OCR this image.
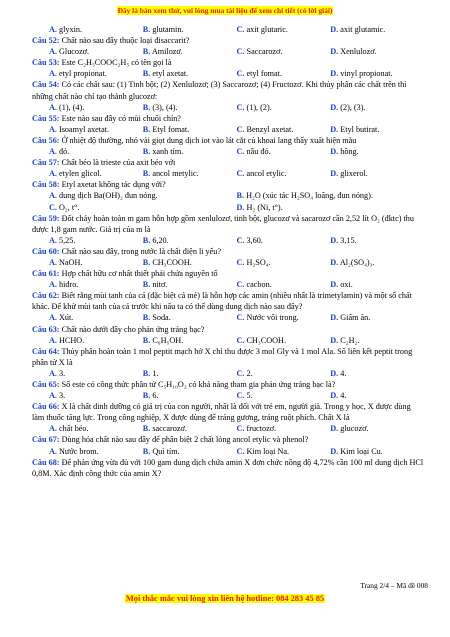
Đây là bản xem thử, vui lòng mua tài liệu để xem chi tiết (có lời giải)
A. glyxin.	B. glutamin.	C. axit glutaric.	D. axit glutamic.

Câu 52: Chất nào sau đây thuộc loại đisaccarit?

A. Glucozơ.	B. Amilozơ.	C. Saccarozơ.	D. Xenlulozơ.

Câu 53: Este C₂H₅COOC₂H₅ có tên gọi là

A. etyl propionat.	B. etyl axetat.	C. etyl fomat.	D. vinyl propionat.

Câu 54: Có các chất sau: (1) Tinh bột; (2) Xenlulozơ; (3) Saccarozơ; (4) Fructozơ. Khi thủy phân các chất trên thì những chất nào chỉ tạo thành glucozơ:

A. (1), (4).	B. (3), (4).	C. (1), (2).	D. (2), (3).

Câu 55: Este nào sau đây có mùi chuối chín?

A. Isoamyl axetat.	B. Etyl fomat.	C. Benzyl axetat.	D. Etyl butirat.

Câu 56: Ở nhiệt độ thường, nhỏ vài giọt dung dịch iot vào lát cắt củ khoai lang thấy xuất hiện màu

A. đỏ.	B. xanh tím.	C. nâu đỏ.	D. hồng.

Câu 57: Chất béo là trieste của axit béo với

A. etylen glicol.	B. ancol metylic.	C. ancol etylic.	D. glixerol.

Câu 58: Etyl axetat không tác dụng với?

A. dung dịch Ba(OH)₂ đun nóng.	B. H₂O (xúc tác H₂SO₄ loãng, đun nóng).
C. O₂, t°.	D. H₂ (Ni, t°).

Câu 59: Đốt cháy hoàn toàn m gam hỗn hợp gồm xenlulozơ, tinh bột, glucozơ và sacarozơ cần 2,52 lít O₂ (đktc) thu được 1,8 gam nước. Giá trị của m là

A. 5,25.	B. 6,20.	C. 3,60.	D. 3,15.

Câu 60: Chất nào sau đây, trong nước là chất điện li yếu?

A. NaOH.	B. CH₃COOH.	C. H₂SO₄.	D. Al₂(SO₄)₃.

Câu 61: Hợp chất hữu cơ nhất thiết phải chứa nguyên tố

A. hiđro.	B. nitơ.	C. cacbon.	D. oxi.

Câu 62: Biết rằng mùi tanh của cá (đặc biệt cá mè) là hỗn hợp các amin (nhiều nhất là trimetylamin) và một số chất khác. Để khử mùi tanh của cá trước khi nấu ta có thể dùng dung dịch nào sau đây?

A. Xút.	B. Soda.	C. Nước vôi trong.	D. Giấm ăn.

Câu 63: Chất nào dưới đây cho phản ứng tráng bạc?

A. HCHO.	B. C₆H₅OH.	C. CH₃COOH.	D. C₂H₂.

Câu 64: Thủy phân hoàn toàn 1 mol peptit mạch hở X chỉ thu được 3 mol Gly và 1 mol Ala. Số liên kết peptit trong phân tử X là

A. 3.	B. 1.	C. 2.	D. 4.

Câu 65: Số este có công thức phân tử C₅H₁₀O₂ có khả năng tham gia phản ứng tráng bạc là?

A. 3.	B. 6.	C. 5.	D. 4.

Câu 66: X là chất dinh dưỡng có giá trị của con người, nhất là đối với trẻ em, người già. Trong y học, X được dùng làm thuốc tăng lực. Trong công nghiệp, X được dùng để tráng gương, tráng ruột phích. Chất X là

A. chất béo.	B. saccarozơ.	C. fructozơ.	D. glucozơ.

Câu 67: Dùng hóa chất nào sau đây để phân biệt 2 chất lỏng ancol etylic và phenol?

A. Nước brom.	B. Quì tím.	C. Kim loại Na.	D. Kim loại Cu.

Câu 68: Để phản ứng vừa đủ với 100 gam dung dịch chứa amin X đơn chức nồng độ 4,72% cần 100 ml dung dịch HCl 0,8M. Xác định công thức của amin X?

Trang 2/4 – Mã đề 008
Mọi thắc mắc vui lòng xin liên hệ hotline: 084 283 45 85
